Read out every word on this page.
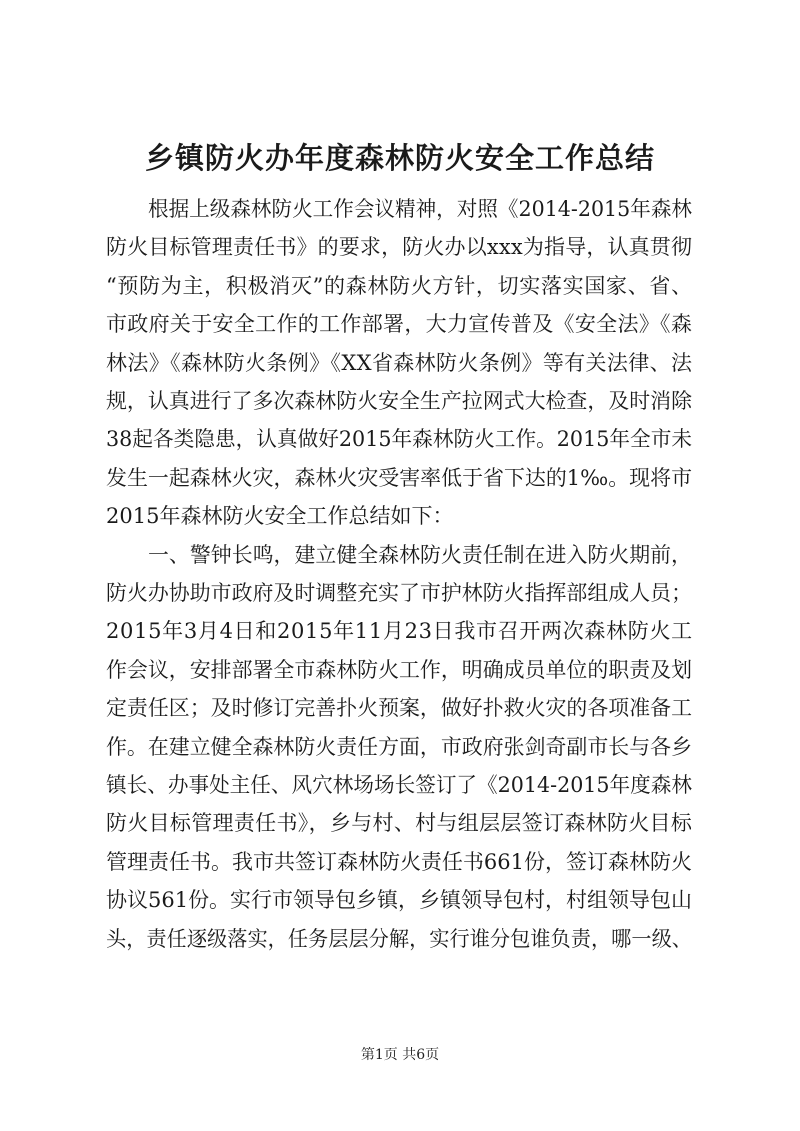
乡镇防火办年度森林防火安全工作总结
根据上级森林防火工作会议精神，对照《2014-2015年森林
防火目标管理责任书》的要求，防火办以xxx为指导，认真贯彻
“预防为主，积极消灭”的森林防火方针，切实落实国家、省、
市政府关于安全工作的工作部署，大力宣传普及《安全法》《森
林法》《森林防火条例》《XX省森林防火条例》等有关法律、法
规，认真进行了多次森林防火安全生产拉网式大检查，及时消除
38起各类隐患，认真做好2015年森林防火工作。2015年全市未
发生一起森林火灾，森林火灾受害率低于省下达的1‰。现将市
2015年森林防火安全工作总结如下：
一、警钟长鸣，建立健全森林防火责任制在进入防火期前，
防火办协助市政府及时调整充实了市护林防火指挥部组成人员；
2015年3月4日和2015年11月23日我市召开两次森林防火工
作会议，安排部署全市森林防火工作，明确成员单位的职责及划
定责任区；及时修订完善扑火预案，做好扑救火灾的各项准备工
作。在建立健全森林防火责任方面，市政府张剑奇副市长与各乡
镇长、办事处主任、风穴林场场长签订了《2014-2015年度森林
防火目标管理责任书》，乡与村、村与组层层签订森林防火目标
管理责任书。我市共签订森林防火责任书661份，签订森林防火
协议561份。实行市领导包乡镇，乡镇领导包村，村组领导包山
头，责任逐级落实，任务层层分解，实行谁分包谁负责，哪一级、
第1页 共6页
